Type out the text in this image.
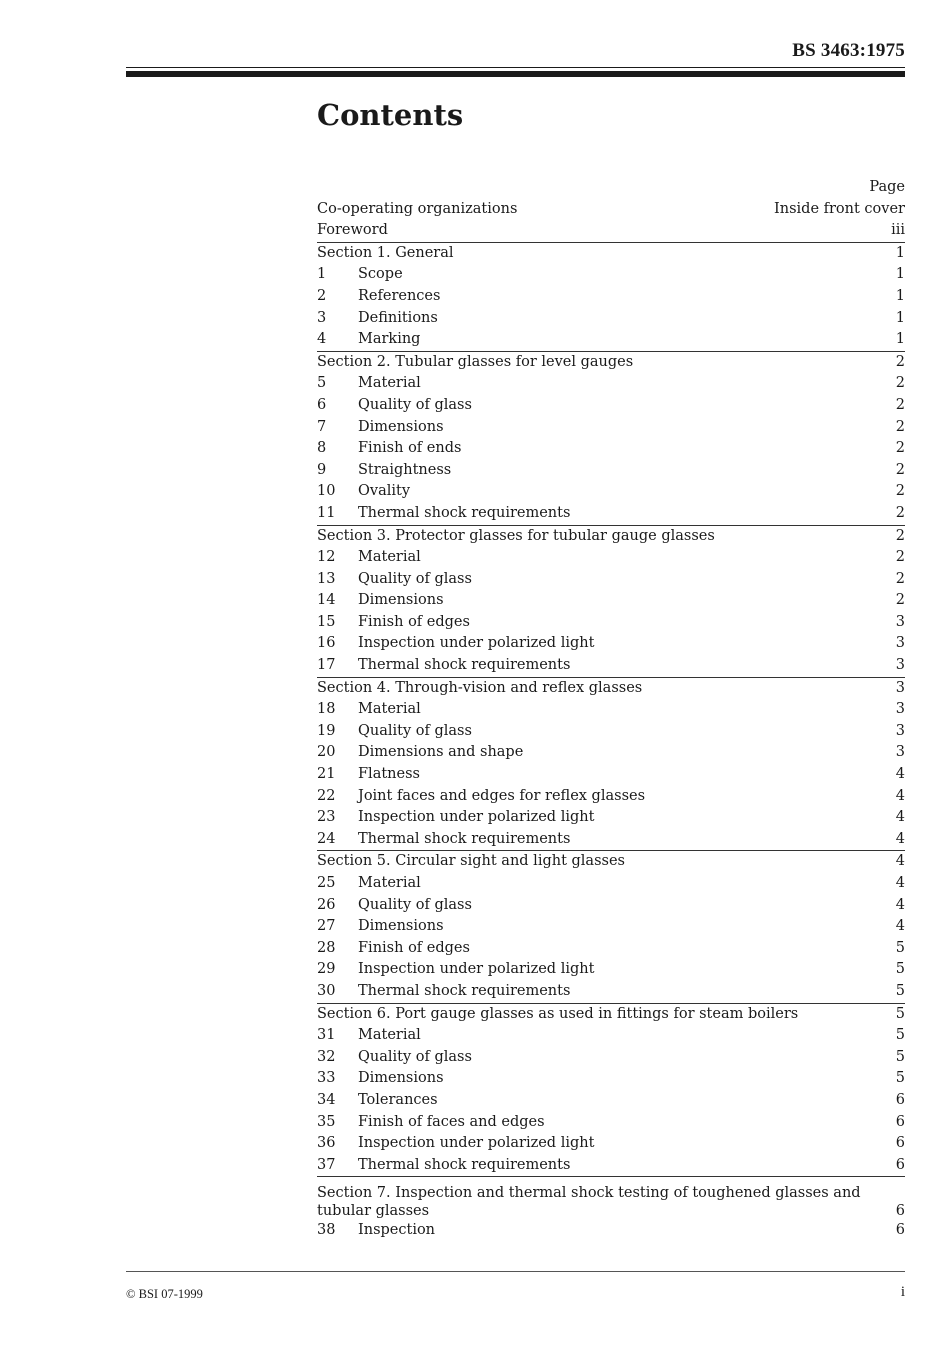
BS 3463:1975
Contents
Page
Co-operating organizations	Inside front cover
Foreword	iii
Section 1. General	1
1	Scope	1
2	References	1
3	Definitions	1
4	Marking	1
Section 2. Tubular glasses for level gauges	2
5	Material	2
6	Quality of glass	2
7	Dimensions	2
8	Finish of ends	2
9	Straightness	2
10	Ovality	2
11	Thermal shock requirements	2
Section 3. Protector glasses for tubular gauge glasses	2
12	Material	2
13	Quality of glass	2
14	Dimensions	2
15	Finish of edges	3
16	Inspection under polarized light	3
17	Thermal shock requirements	3
Section 4. Through-vision and reflex glasses	3
18	Material	3
19	Quality of glass	3
20	Dimensions and shape	3
21	Flatness	4
22	Joint faces and edges for reflex glasses	4
23	Inspection under polarized light	4
24	Thermal shock requirements	4
Section 5. Circular sight and light glasses	4
25	Material	4
26	Quality of glass	4
27	Dimensions	4
28	Finish of edges	5
29	Inspection under polarized light	5
30	Thermal shock requirements	5
Section 6. Port gauge glasses as used in fittings for steam boilers	5
31	Material	5
32	Quality of glass	5
33	Dimensions	5
34	Tolerances	6
35	Finish of faces and edges	6
36	Inspection under polarized light	6
37	Thermal shock requirements	6
Section 7. Inspection and thermal shock testing of toughened glasses and tubular glasses	6
38	Inspection	6
© BSI 07-1999	i
